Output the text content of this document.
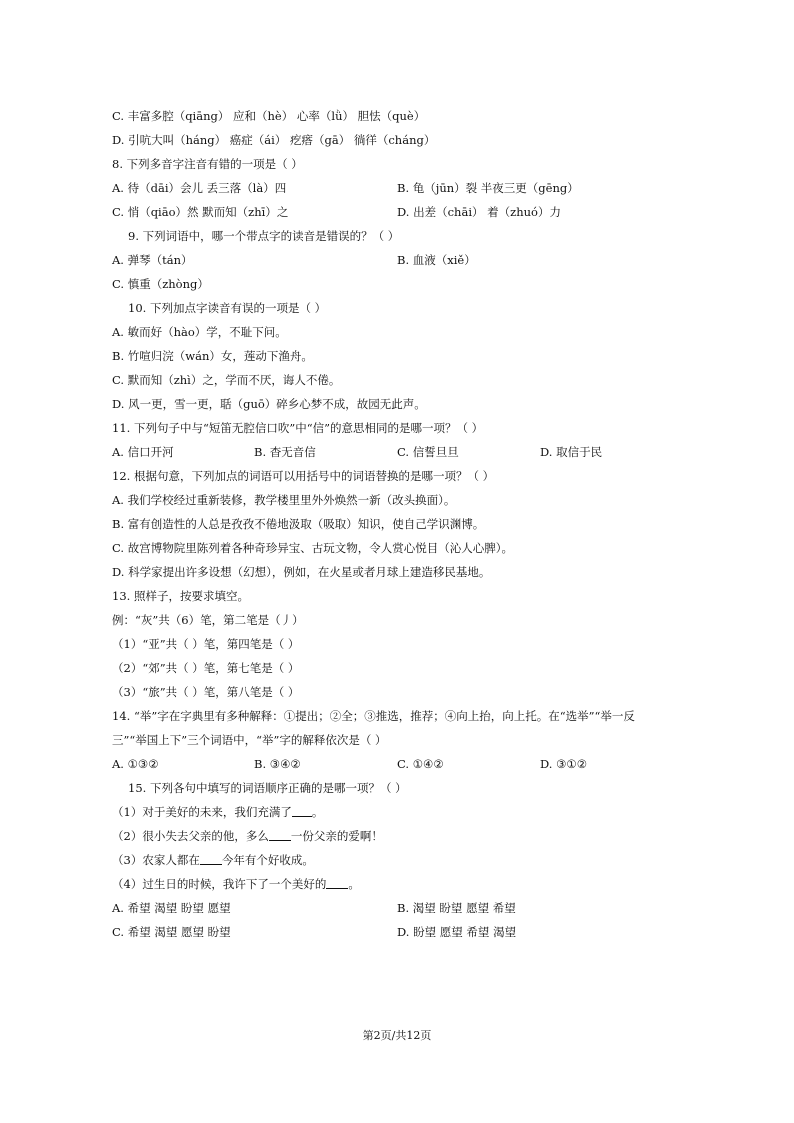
C. 丰富多腔（qiāng） 应和（hè） 心率（lǜ） 胆怯（què）
D. 引吭大叫（háng） 癌症（ái） 疙瘩（gā） 徜徉（cháng）
8. 下列多音字注音有错的一项是（ ）
A. 待（dāi）会儿 丢三落（là）四	B. 龟（jūn）裂 半夜三更（gēng）
C. 悄（qiāo）然 默而知（zhī）之	D. 出差（chāi） 着（zhuó）力
9. 下列词语中，哪一个带点字的读音是错误的？（ ）
A. 弹琴（tán）	B. 血液（xiě）
C. 慎重（zhòng）
10. 下列加点字读音有误的一项是（ ）
A. 敏而好（hào）学，不耻下问。
B. 竹喧归浣（wán）女，莲动下渔舟。
C. 默而知（zhì）之，学而不厌，诲人不倦。
D. 风一更，雪一更，聒（guō）碎乡心梦不成，故园无此声。
11. 下列句子中与“短笛无腔信口吹”中“信”的意思相同的是哪一项？（ ）
A. 信口开河	B. 杳无音信	C. 信誓旦旦	D. 取信于民
12. 根据句意，下列加点的词语可以用括号中的词语替换的是哪一项？（ ）
A. 我们学校经过重新装修，教学楼里里外外焕然一新（改头换面）。
B. 富有创造性的人总是孜孜不倦地汲取（吸取）知识，使自己学识渊博。
C. 故宫博物院里陈列着各种奇珍异宝、古玩文物，令人赏心悦目（沁人心脾）。
D. 科学家提出许多设想（幻想），例如，在火星或者月球上建造移民基地。
13. 照样子，按要求填空。
例：“灰”共（6）笔，第二笔是（丿）
（1）“亚”共（ ）笔，第四笔是（ ）
（2）“郊”共（ ）笔，第七笔是（ ）
（3）“旅”共（ ）笔，第八笔是（ ）
14. “举”字在字典里有多种解释：①提出；②全；③推选，推荐；④向上抬，向上托。在“选举”“举一反
三”“举国上下”三个词语中，“举”字的解释依次是（ ）
A. ①③②	B. ③④②	C. ①④②	D. ③①②
15. 下列各句中填写的词语顺序正确的是哪一项？（ ）
（1）对于美好的未来，我们充满了 。
（2）很小失去父亲的他，多么 一份父亲的爱啊！
（3）农家人都在 今年有个好收成。
（4）过生日的时候，我许下了一个美好的 。
A. 希望 渴望 盼望 愿望	B. 渴望 盼望 愿望 希望
C. 希望 渴望 愿望 盼望	D. 盼望 愿望 希望 渴望
第2页/共12页
